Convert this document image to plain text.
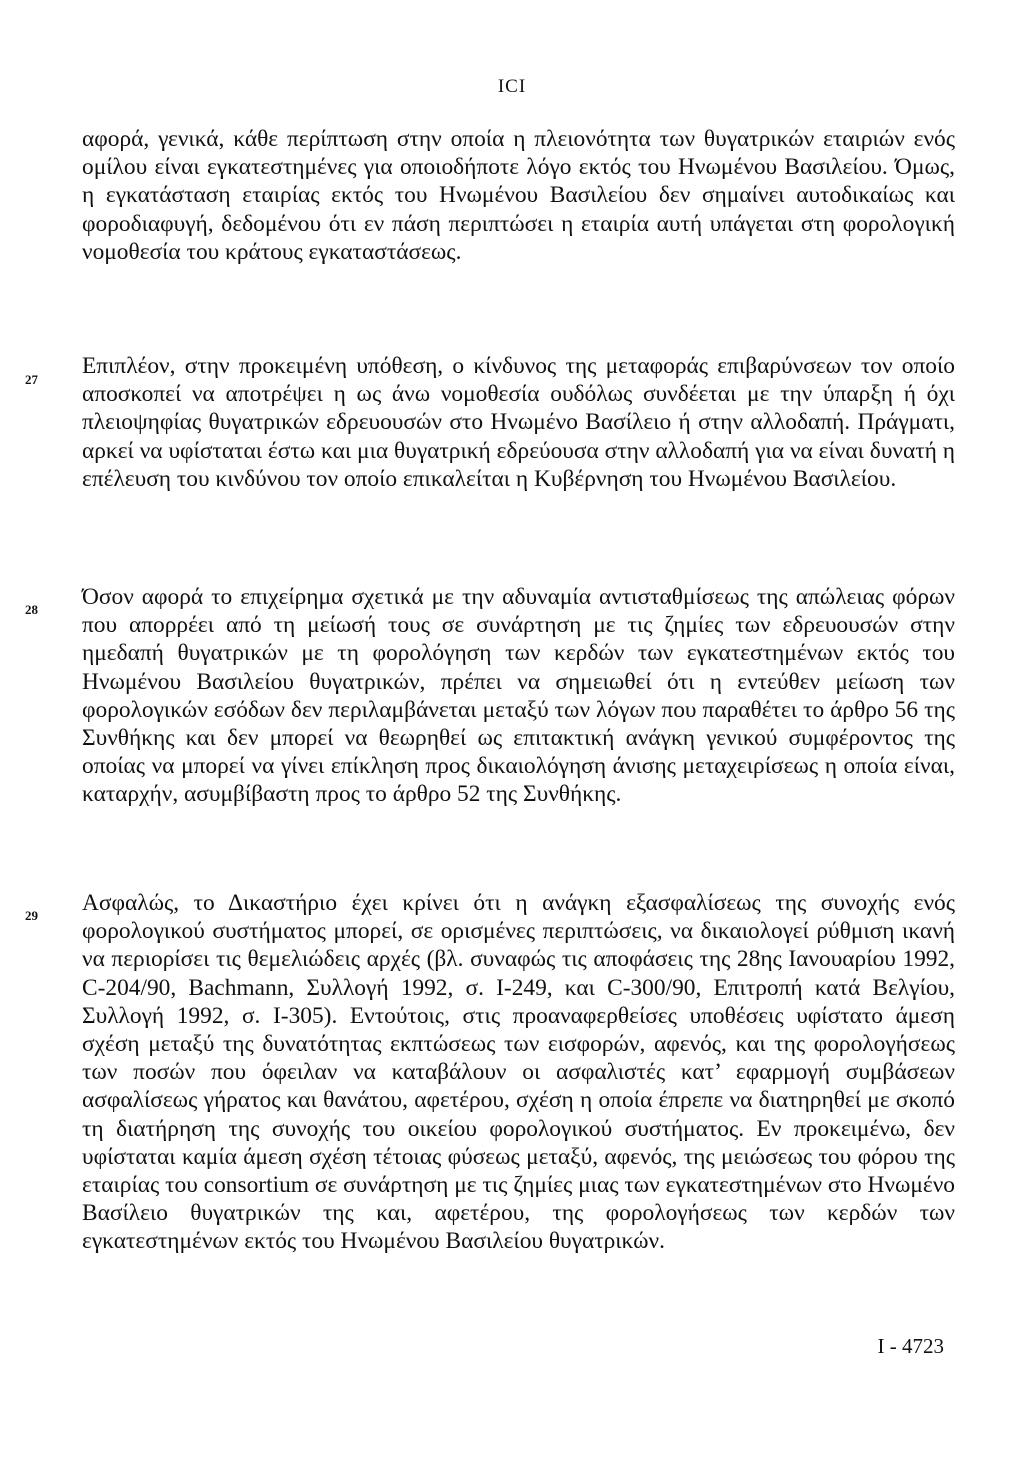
ICI
αφορά, γενικά, κάθε περίπτωση στην οποία η πλειονότητα των θυγατρικών εταιριών ενός ομίλου είναι εγκατεστημένες για οποιοδήποτε λόγο εκτός του Ηνωμένου Βασιλείου. Όμως, η εγκατάσταση εταιρίας εκτός του Ηνωμένου Βασιλείου δεν σημαίνει αυτοδικαίως και φοροδιαφυγή, δεδομένου ότι εν πάση περιπτώσει η εταιρία αυτή υπάγεται στη φορολογική νομοθεσία του κράτους εγκαταστάσεως.
27
Επιπλέον, στην προκειμένη υπόθεση, ο κίνδυνος της μεταφοράς επιβαρύνσεων τον οποίο αποσκοπεί να αποτρέψει η ως άνω νομοθεσία ουδόλως συνδέεται με την ύπαρξη ή όχι πλειοψηφίας θυγατρικών εδρευουσών στο Ηνωμένο Βασίλειο ή στην αλλοδαπή. Πράγματι, αρκεί να υφίσταται έστω και μια θυγατρική εδρεύουσα στην αλλοδαπή για να είναι δυνατή η επέλευση του κινδύνου τον οποίο επικαλείται η Κυβέρνηση του Ηνωμένου Βασιλείου.
28 Όσον αφορά το επιχείρημα σχετικά με την αδυναμία αντισταθμίσεως της απώλειας φόρων που απορρέει από τη μείωσή τους σε συνάρτηση με τις ζημίες των εδρευουσών στην ημεδαπή θυγατρικών με τη φορολόγηση των κερδών των εγκατεστημένων εκτός του Ηνωμένου Βασιλείου θυγατρικών, πρέπει να σημειωθεί ότι η εντεύθεν μείωση των φορολογικών εσόδων δεν περιλαμβάνεται μεταξύ των λόγων που παραθέτει το άρθρο 56 της Συνθήκης και δεν μπορεί να θεωρηθεί ως επιτακτική ανάγκη γενικού συμφέροντος της οποίας να μπορεί να γίνει επίκληση προς δικαιολόγηση άνισης μεταχειρίσεως η οποία είναι, καταρχήν, ασυμβίβαστη προς το άρθρο 52 της Συνθήκης.
29 Ασφαλώς, το Δικαστήριο έχει κρίνει ότι η ανάγκη εξασφαλίσεως της συνοχής ενός φορολογικού συστήματος μπορεί, σε ορισμένες περιπτώσεις, να δικαιολογεί ρύθμιση ικανή να περιορίσει τις θεμελιώδεις αρχές (βλ. συναφώς τις αποφάσεις της 28ης Ιανουαρίου 1992, C-204/90, Bachmann, Συλλογή 1992, σ. I-249, και C-300/90, Επιτροπή κατά Βελγίου, Συλλογή 1992, σ. I-305). Εντούτοις, στις προαναφερθείσες υποθέσεις υφίστατο άμεση σχέση μεταξύ της δυνατότητας εκπτώσεως των εισφορών, αφενός, και της φορολογήσεως των ποσών που όφειλαν να καταβάλουν οι ασφαλιστές κατ’ εφαρμογή συμβάσεων ασφαλίσεως γήρατος και θανάτου, αφετέρου, σχέση η οποία έπρεπε να διατηρηθεί με σκοπό τη διατήρηση της συνοχής του οικείου φορολογικού συστήματος. Εν προκειμένω, δεν υφίσταται καμία άμεση σχέση τέτοιας φύσεως μεταξύ, αφενός, της μειώσεως του φόρου της εταιρίας του consortium σε συνάρτηση με τις ζημίες μιας των εγκατεστημένων στο Ηνωμένο Βασίλειο θυγατρικών της και, αφετέρου, της φορολογήσεως των κερδών των εγκατεστημένων εκτός του Ηνωμένου Βασιλείου θυγατρικών.
I - 4723
